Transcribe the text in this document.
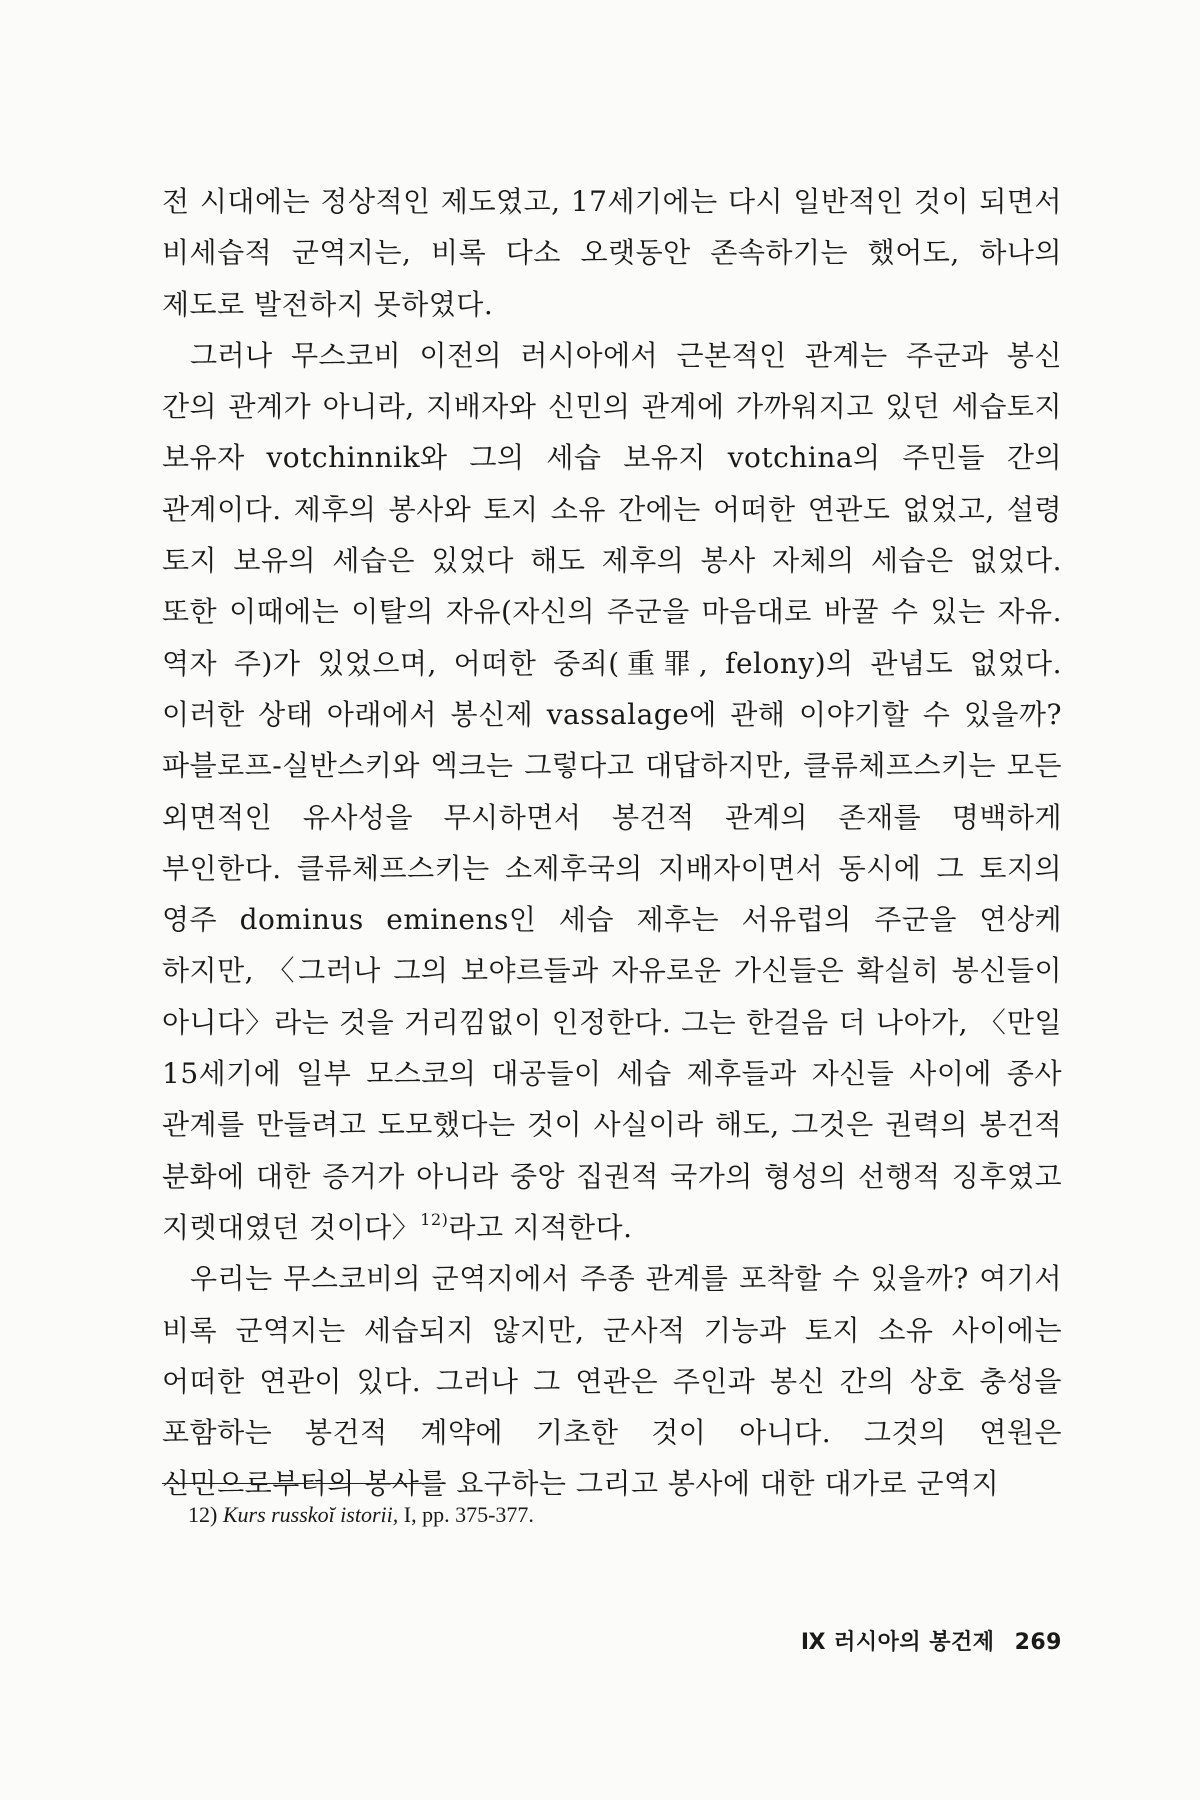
전 시대에는 정상적인 제도였고, 17세기에는 다시 일반적인 것이 되면서 비세습적 군역지는, 비록 다소 오랫동안 존속하기는 했어도, 하나의 제도로 발전하지 못하였다.

그러나 무스코비 이전의 러시아에서 근본적인 관계는 주군과 봉신 간의 관계가 아니라, 지배자와 신민의 관계에 가까워지고 있던 세습토지 보유자 votchinnik와 그의 세습 보유지 votchina의 주민들 간의 관계이다. 제후의 봉사와 토지 소유 간에는 어떠한 연관도 없었고, 설령 토지 보유의 세습은 있었다 해도 제후의 봉사 자체의 세습은 없었다. 또한 이때에는 이탈의 자유(자신의 주군을 마음대로 바꿀 수 있는 자유. 역자 주)가 있었으며, 어떠한 중죄(重罪, felony)의 관념도 없었다. 이러한 상태 아래에서 봉신제 vassalage에 관해 이야기할 수 있을까? 파블로프-실반스키와 엑크는 그렇다고 대답하지만, 클류체프스키는 모든 외면적인 유사성을 무시하면서 봉건적 관계의 존재를 명백하게 부인한다. 클류체프스키는 소제후국의 지배자이면서 동시에 그 토지의 영주 dominus eminens인 세습 제후는 서유럽의 주군을 연상케 하지만, 〈그러나 그의 보야르들과 자유로운 가신들은 확실히 봉신들이 아니다〉라는 것을 거리낌없이 인정한다. 그는 한걸음 더 나아가, 〈만일 15세기에 일부 모스코의 대공들이 세습 제후들과 자신들 사이에 종사 관계를 만들려고 도모했다는 것이 사실이라 해도, 그것은 권력의 봉건적 분화에 대한 증거가 아니라 중앙 집권적 국가의 형성의 선행적 징후였고 지렛대였던 것이다〉$^{12)}$라고 지적한다.

우리는 무스코비의 군역지에서 주종 관계를 포착할 수 있을까? 여기서 비록 군역지는 세습되지 않지만, 군사적 기능과 토지 소유 사이에는 어떠한 연관이 있다. 그러나 그 연관은 주인과 봉신 간의 상호 충성을 포함하는 봉건적 계약에 기초한 것이 아니다. 그것의 연원은 신민으로부터의 봉사를 요구하는 그리고 봉사에 대한 대가로 군역지

12) Kurs russkoĭ istorii, I, pp. 375-377.
Ⅸ 러시아의 봉건제 269
